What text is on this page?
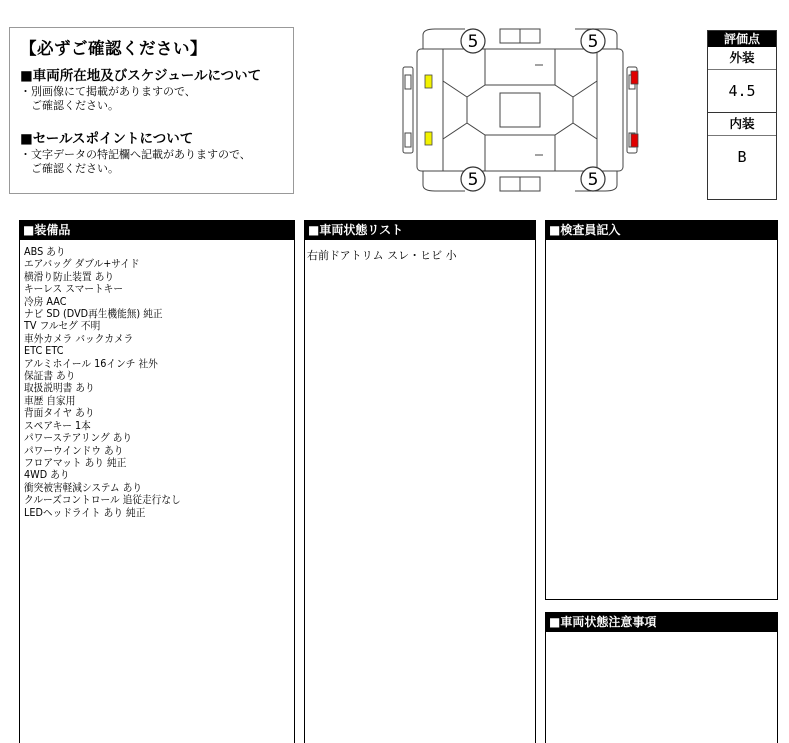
【必ずご確認ください】
■車両所在地及びスケジュールについて
・別画像にて掲載がありますので、
　ご確認ください。
■セールスポイントについて
・文字データの特記欄へ記載がありますので、
　ご確認ください。
5	5
5	5
評価点
外装
4.5
内装
B
■装備品
ABS あり
エアバッグ ダブル+サイド
横滑り防止装置 あり
キーレス スマートキー
冷房 AAC
ナビ SD (DVD再生機能無) 純正
TV フルセグ 不明
車外カメラ バックカメラ
ETC ETC
アルミホイール 16インチ 社外
保証書 あり
取扱説明書 あり
車歴 自家用
背面タイヤ あり
スペアキー 1本
パワーステアリング あり
パワーウインドウ あり
フロアマット あり 純正
4WD あり
衝突被害軽減システム あり
クルーズコントロール 追従走行なし
LEDヘッドライト あり 純正
■車両状態リスト
右前ドアトリム スレ・ヒビ 小
■検査員記入
■車両状態注意事項
